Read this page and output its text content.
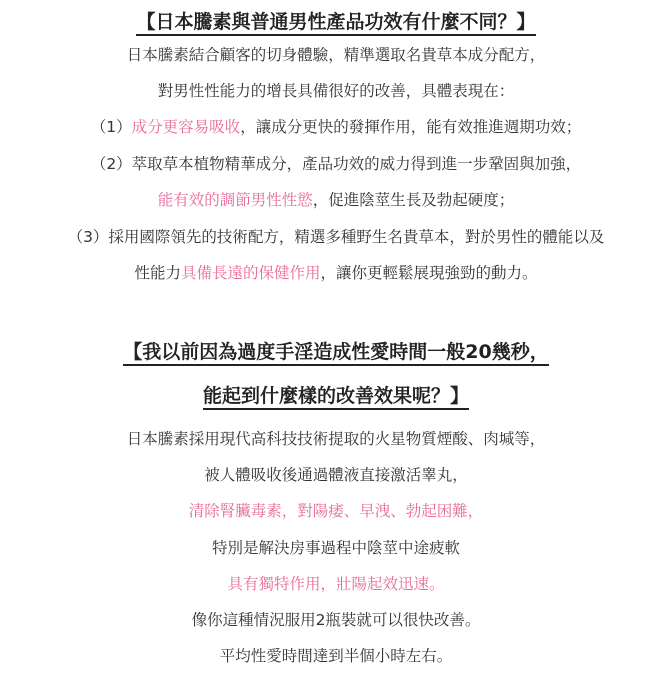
【日本騰素與普通男性產品功效有什麼不同？】
日本騰素結合顧客的切身體驗，精準選取名貴草本成分配方，
對男性性能力的增長具備很好的改善，具體表現在：
（1）成分更容易吸收，讓成分更快的發揮作用，能有效推進週期功效；
（2）萃取草本植物精華成分，產品功效的威力得到進一步鞏固與加強，
能有效的調節男性性慾，促進陰莖生長及勃起硬度；
（3）採用國際領先的技術配方，精選多種野生名貴草本，對於男性的體能以及
性能力具備長遠的保健作用，讓你更輕鬆展現強勁的動力。
【我以前因為過度手淫造成性愛時間一般20幾秒，
能起到什麼樣的改善效果呢？】
日本騰素採用現代高科技技術提取的火星物質煙酸、肉堿等，
被人體吸收後通過體液直接激活睾丸，
清除腎臟毒素，對陽痿、早洩、勃起困難，
特別是解決房事過程中陰莖中途疲軟
具有獨特作用，壯陽起效迅速。
像你這種情況服用2瓶裝就可以很快改善。
平均性愛時間達到半個小時左右。
